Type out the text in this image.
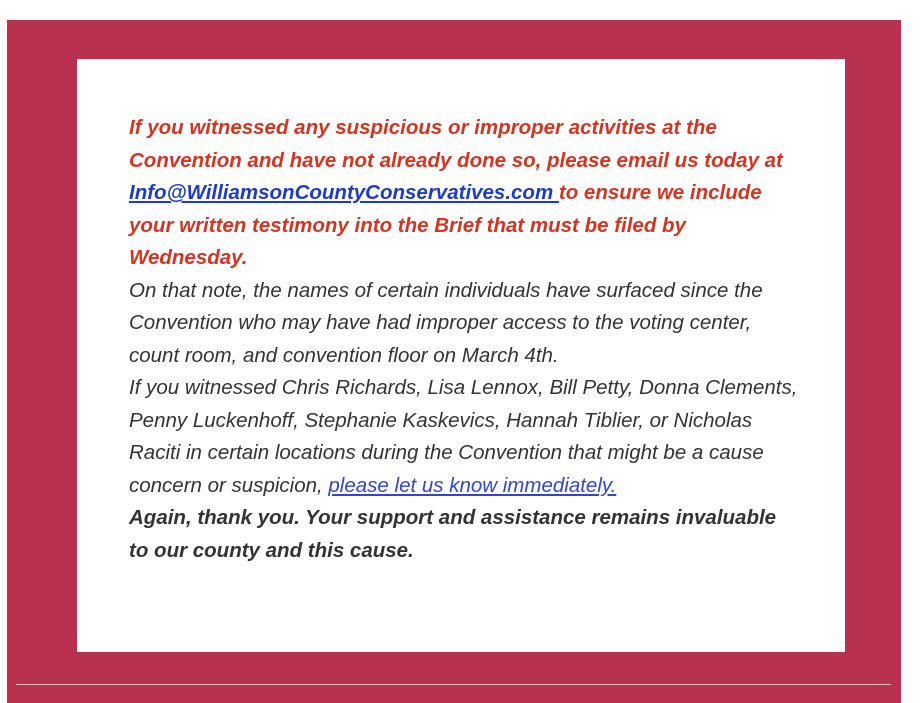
If you witnessed any suspicious or improper activities at the Convention and have not already done so, please email us today at Info@WilliamsonCountyConservatives.com to ensure we include your written testimony into the Brief that must be filed by Wednesday.

On that note, the names of certain individuals have surfaced since the Convention who may have had improper access to the voting center, count room, and convention floor on March 4th.

If you witnessed Chris Richards, Lisa Lennox, Bill Petty, Donna Clements, Penny Luckenhoff, Stephanie Kaskevics, Hannah Tiblier, or Nicholas Raciti in certain locations during the Convention that might be a cause concern or suspicion, please let us know immediately.

Again, thank you. Your support and assistance remains invaluable to our county and this cause.
